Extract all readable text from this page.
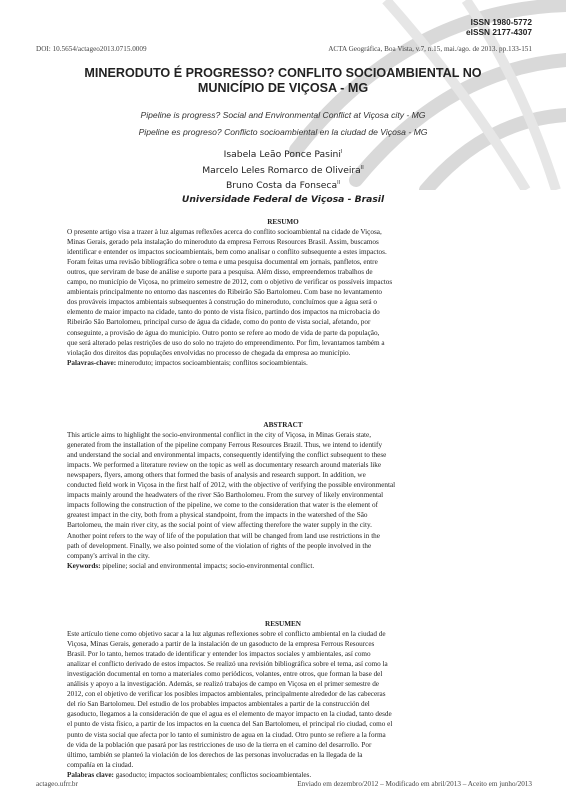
ISSN 1980-5772
eISSN 2177-4307
DOI: 10.5654/actageo2013.0715.0009	ACTA Geográfica, Boa Vista, v.7, n.15, mai./ago. de 2013. pp.133-151
MINERODUTO É PROGRESSO? CONFLITO SOCIOAMBIENTAL NO
MUNICÍPIO DE VIÇOSA - MG
Pipeline is progress? Social and Environmental Conflict at Viçosa city - MG
Pipeline es progreso? Conflicto socioambiental en la ciudad de Viçosa - MG
Isabela Leão Ponce Pasini$^I$
Marcelo Leles Romarco de Oliveira$^{II}$
Bruno Costa da Fonseca$^{II}$
Universidade Federal de Viçosa - Brasil
RESUMO
O presente artigo visa a trazer à luz algumas reflexões acerca do conflito socioambiental na cidade de Viçosa,
Minas Gerais, gerado pela instalação do mineroduto da empresa Ferrous Resources Brasil. Assim, buscamos
identificar e entender os impactos socioambientais, bem como analisar o conflito subsequente a estes impactos.
Foram feitas uma revisão bibliográfica sobre o tema e uma pesquisa documental em jornais, panfletos, entre
outros, que serviram de base de análise e suporte para a pesquisa. Além disso, empreendemos trabalhos de
campo, no município de Viçosa, no primeiro semestre de 2012, com o objetivo de verificar os possíveis impactos
ambientais principalmente no entorno das nascentes do Ribeirão São Bartolomeu. Com base no levantamento
dos prováveis impactos ambientais subsequentes à construção do mineroduto, concluímos que a água será o
elemento de maior impacto na cidade, tanto do ponto de vista físico, partindo dos impactos na microbacia do
Ribeirão São Bartolomeu, principal curso de água da cidade, como do ponto de vista social, afetando, por
conseguinte, a provisão de água do município. Outro ponto se refere ao modo de vida de parte da população,
que será alterado pelas restrições de uso do solo no trajeto do empreendimento. Por fim, levantamos também a
violação dos direitos das populações envolvidas no processo de chegada da empresa ao município.
Palavras-chave: mineroduto; impactos socioambientais; conflitos socioambientais.
ABSTRACT
This article aims to highlight the socio-environmental conflict in the city of Viçosa, in Minas Gerais state,
generated from the installation of the pipeline company Ferrous Resources Brazil. Thus, we intend to identify
and understand the social and environmental impacts, consequently identifying the conflict subsequent to these
impacts. We performed a literature review on the topic as well as documentary research around materials like
newspapers, flyers, among others that formed the basis of analysis and research support. In addition, we
conducted field work in Viçosa in the first half of 2012, with the objective of verifying the possible environmental
impacts mainly around the headwaters of the river São Bartholomeu. From the survey of likely environmental
impacts following the construction of the pipeline, we come to the consideration that water is the element of
greatest impact in the city, both from a physical standpoint, from the impacts in the watershed of the São
Bartolomeu, the main river city, as the social point of view affecting therefore the water supply in the city.
Another point refers to the way of life of the population that will be changed from land use restrictions in the
path of development. Finally, we also pointed some of the violation of rights of the people involved in the
company's arrival in the city.
Keywords: pipeline; social and environmental impacts; socio-environmental conflict.
RESUMEN
Este artículo tiene como objetivo sacar a la luz algunas reflexiones sobre el conflicto ambiental en la ciudad de
Viçosa, Minas Gerais, generado a partir de la instalación de un gasoducto de la empresa Ferrous Resources
Brasil. Por lo tanto, hemos tratado de identificar y entender los impactos sociales y ambientales, así como
analizar el conflicto derivado de estos impactos. Se realizó una revisión bibliográfica sobre el tema, así como la
investigación documental en torno a materiales como periódicos, volantes, entre otros, que forman la base del
análisis y apoyo a la investigación. Además, se realizó trabajos de campo en Viçosa en el primer semestre de
2012, con el objetivo de verificar los posibles impactos ambientales, principalmente alrededor de las cabeceras
del río San Bartolomeu. Del estudio de los probables impactos ambientales a partir de la construcción del
gasoducto, llegamos a la consideración de que el agua es el elemento de mayor impacto en la ciudad, tanto desde
el punto de vista físico, a partir de los impactos en la cuenca del San Bartolomeu, el principal río ciudad, como el
punto de vista social que afecta por lo tanto el suministro de agua en la ciudad. Otro punto se refiere a la forma
de vida de la población que pasará por las restricciones de uso de la tierra en el camino del desarrollo. Por
último, también se planteó la violación de los derechos de las personas involucradas en la llegada de la
compañía en la ciudad.
Palabras clave: gasoducto; impactos socioambientales; conflictos socioambientales.
actageo.ufrr.br	Enviado em dezembro/2012 – Modificado em abril/2013 – Aceito em junho/2013
